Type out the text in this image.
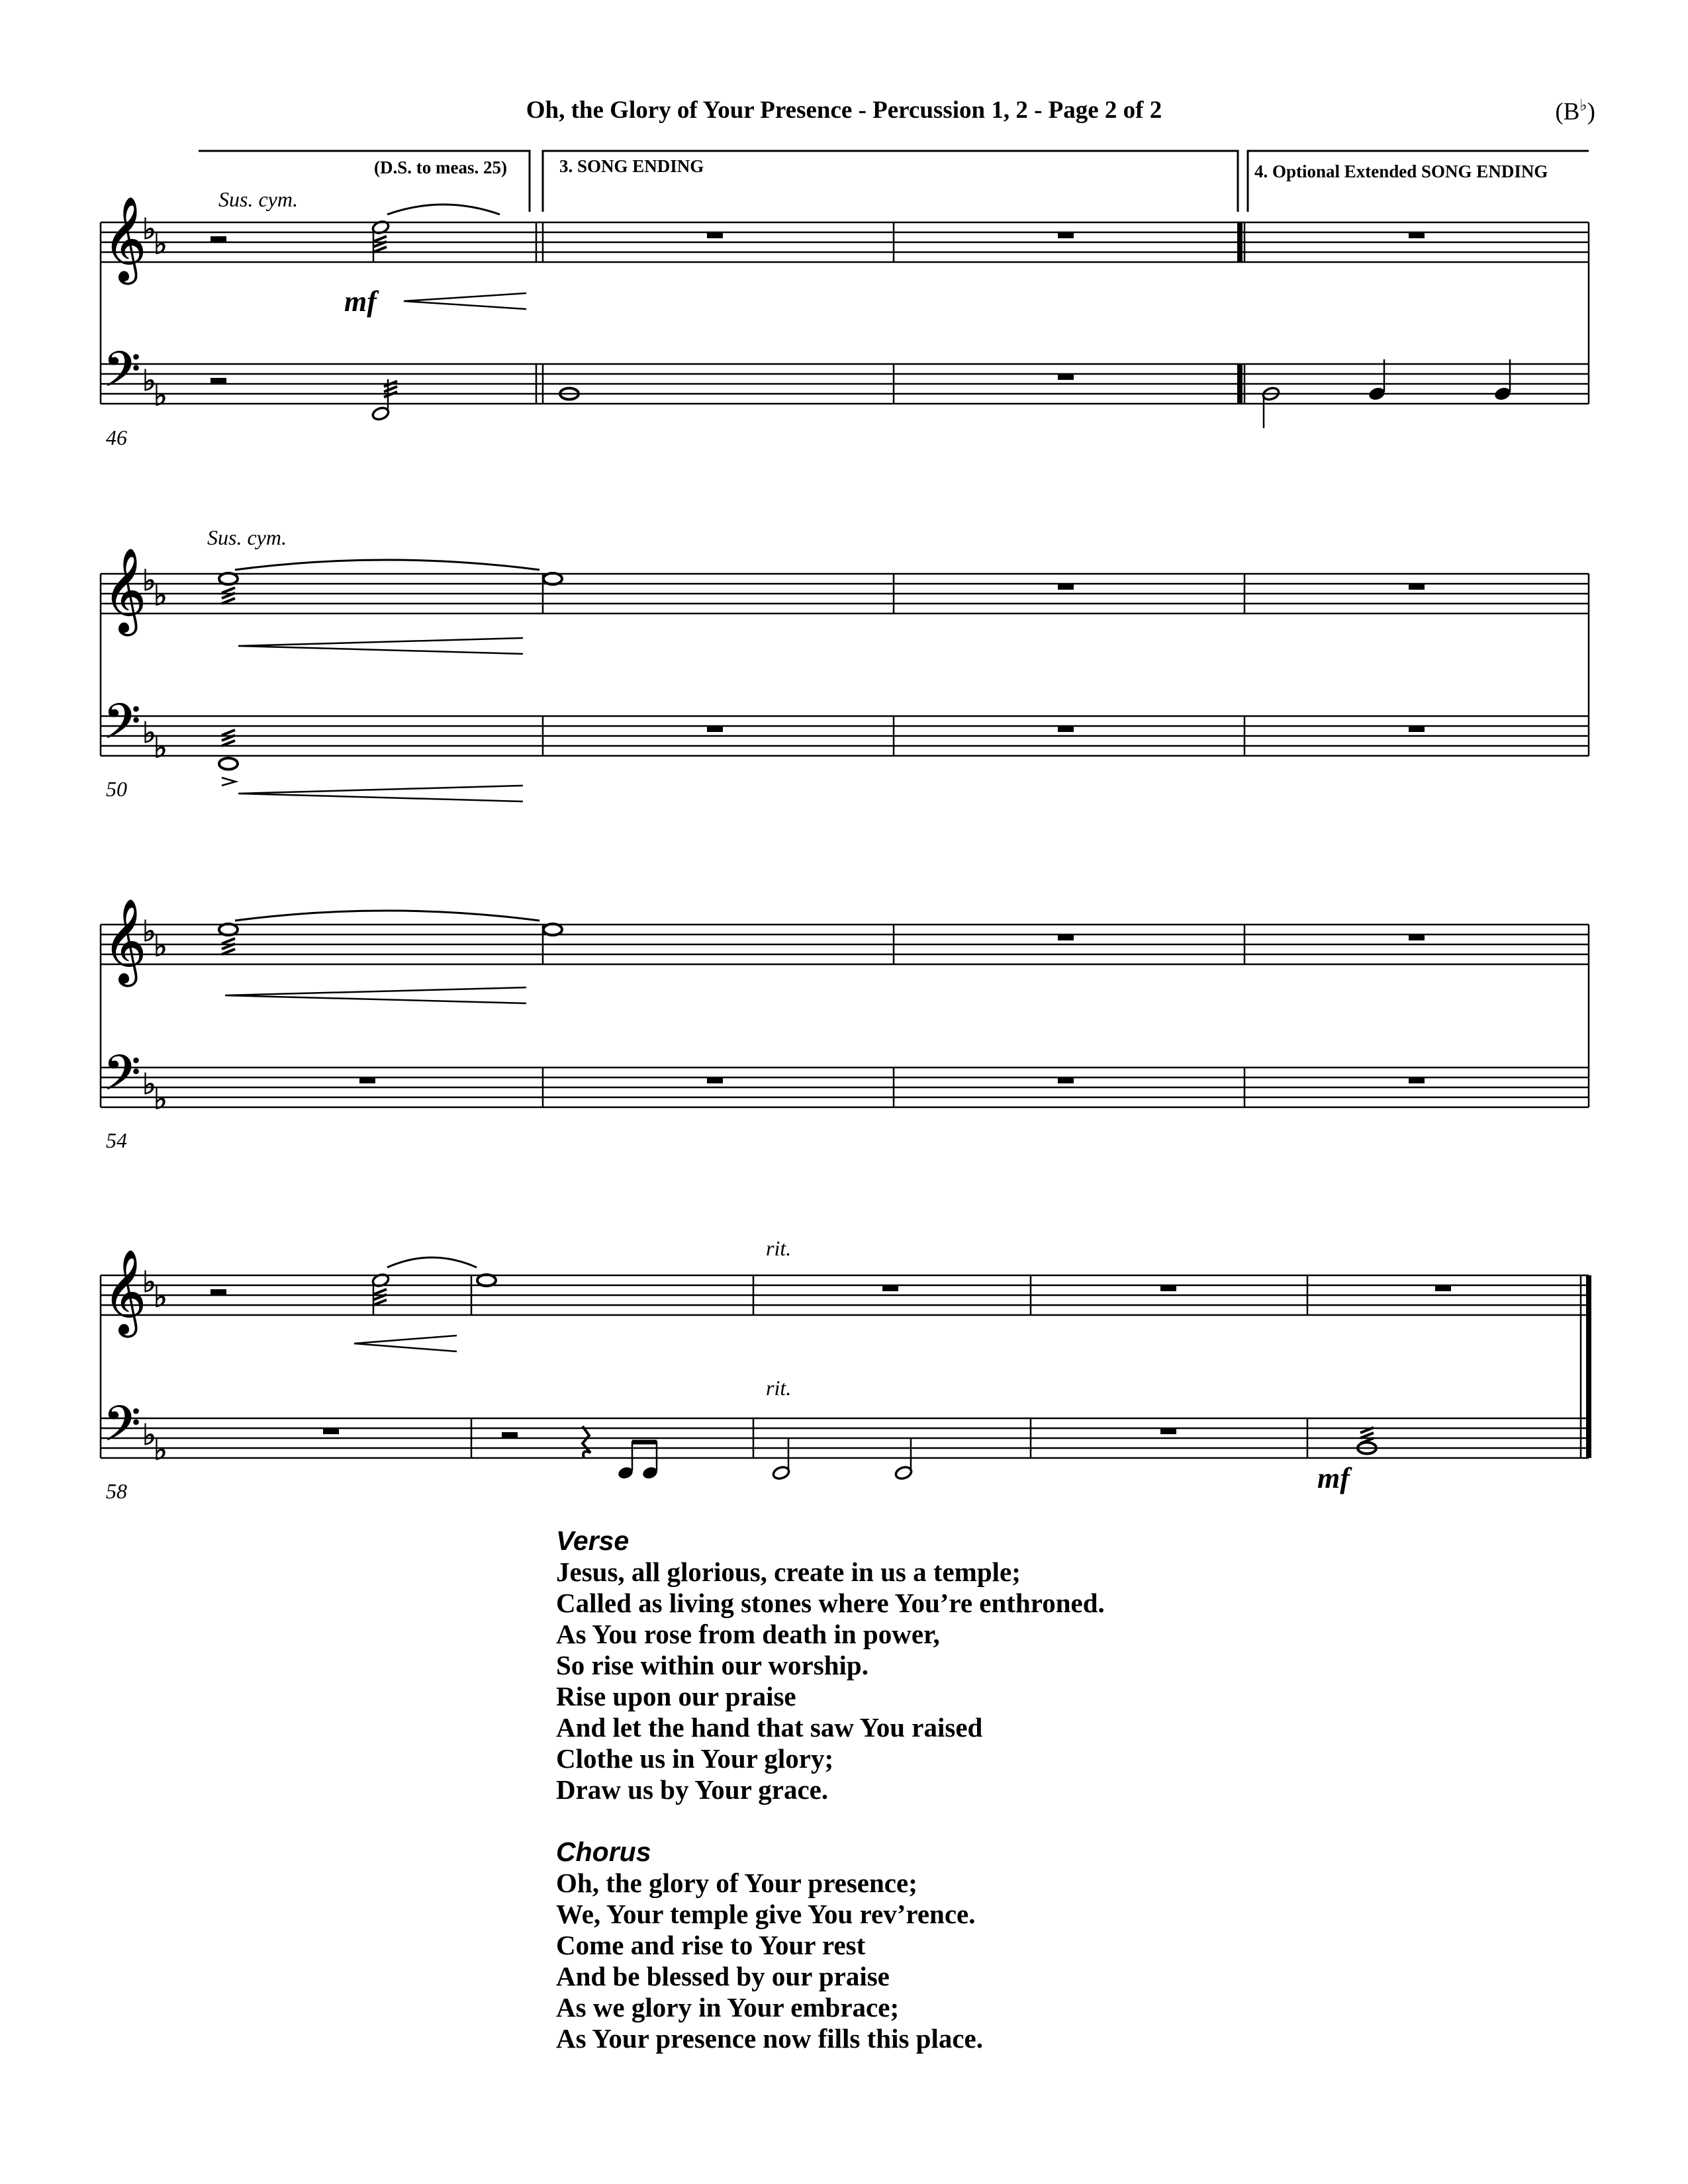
Oh, the Glory of Your Presence - Percussion 1, 2 - Page 2 of 2	(B♭)
𝄞
𝄢
♭
♭
♭
♭
𝄞
𝄢
♭
♭
♭
♭
𝄞
𝄢
♭
♭
♭
♭
𝄞
𝄢
♭
♭
♭
♭
(D.S. to meas. 25)	3. SONG ENDING	4. Optional Extended SONG ENDING
Sus. cym.
Sus. cym.
rit.
rit.
mf
mf
46
50
54
58
Verse
Jesus, all glorious, create in us a temple;
Called as living stones where You’re enthroned.
As You rose from death in power,
So rise within our worship.
Rise upon our praise
And let the hand that saw You raised
Clothe us in Your glory;
Draw us by Your grace.
Chorus
Oh, the glory of Your presence;
We, Your temple give You rev’rence.
Come and rise to Your rest
And be blessed by our praise
As we glory in Your embrace;
As Your presence now fills this place.
